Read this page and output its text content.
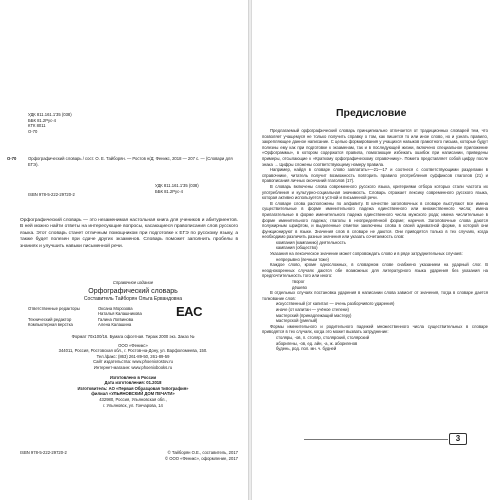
УДК 811.161.1'35 (038)
ББК 81.2Рус-4
КТК 8011
О-70
О-70	Орфографический словарь / сост. О. Е. Тайборян. — Ростов н/Д: Феникс, 2018 — 207 с. — (Словари для ЕГЭ).
УДК 811.161.1'35 (038)
ББК 81.2Рус-4
ISBN 978-5-222-29720-2
Орфографический словарь — это незаменимая настольная книга для учеников и абитуриентов. В ней можно найти ответы на интересующие вопросы, касающиеся правописания слов русского языка. Этот словарь станет отличным помощником при подготовке к ЕГЭ по русскому языку, а также будет полезен при сдаче других экзаменов. Словарь поможет заполнить пробелы в знаниях и улучшить навыки письменной речи.
Справочное издание
Орфографический словарь
Составитель Тайборян Ольга Ервандовна
Ответственные редакторы	Оксана Морозова
Наталья Калашникова
Технический редактор	Галина Логвинова
Компьютерная верстка	Алена Калашина
Формат 70х100/16. Бумага офсетная. Тираж 2000 экз. Заказ №
ООО «Феникс»
344011, Россия, Ростовская обл., г. Ростов-на-Дону, ул. Варфоломеева, 150.
Тел./факс: (863) 261-89-50, 261-89-59
Сайт издательства: www.phoenixrostov.ru
Интернет-магазин: www.phoenixbooks.ru
Изготовлено в России
Дата изготовления: 01.2018
Изготовитель: АО «Первая Образцовая типография»
филиал «УЛЬЯНОВСКИЙ ДОМ ПЕЧАТИ»
432980, Россия, Ульяновская обл.,
г. Ульяновск, ул. Гончарова, 14
EAC
ISBN 978-5-222-29720-2	© Тайборян О.Е., составитель, 2017
© ООО «Феникс», оформление, 2017
Предисловие
Предлагаемый орфографический словарь принципиально отличается от традиционных словарей тем, что позволяет учащемуся не только получить справку о том, как пишется то или иное слово, но и узнать правило, закрепляющее данное написание. С целью формирования у учащихся навыков грамотного письма, которые будут полезны ему как при подготовке к экзаменам, так и в последующей жизни, включено специальное приложение «Орфограммы», в котором содержатся правила, помогающие избежать ошибок при написании, приведены примеры, отсылающие к «Краткому орфографическому справочнику». Помета представляет собой цифру после знака → Цифры сложены соответствующему номеру правила.
Например, найдя в словаре слово заплатать»—21—17 и соотнеся с соответствующими разделами в справочнике, читатель получит возможность повторить правило употребления суффиксов глаголов (21) и правописания личных окончаний глаголов (17).
В словарь включены слова современного русского языка, критериями отбора которых стали частота их употребления и культурно-социальная значимость. Словарь отражает лексику современного русского языка, которая активно используется в устной и письменной речи.
В словаре слова расположены по алфавиту. В качестве заголовочных в словаре выступают все имена существительные в форме именительного падежа единственного или множественного числа; имена прилагательные в форме именительного падежа единственного числа мужского рода; имена числительные в форме именительного падежа; глаголы в неопределённой форме; наречия. Заголовочные слова даются полужирным шрифтом, и выделенные отметки заключены слова в своей адекватной форме, в которой они функционируют в языке. Значения слов в словаре не даются. Они приводятся только в тех случаях, когда необходимо различить разные значения или указать сочетаемость слов:
компания (кампанию) деятельность
кампания (общество)
Указания на лексическое значение может сопровождать слово и в ряде затруднительных случаев:
непрерывно (вечным тоже)
Каждое слово, кроме односложных, в словарном слове снабжено указанием на ударный слог. В неоднокоренных случаях даются обе возможных для литературного языка ударения без указания на предпочтительность того или иного:
творог
дёшево
В отдельных случаях постановка ударения в написании слова зависит от значения, тогда в словаре дается толкование слов:
искусственный (от капитал — очень разборчивого ударения)
иначе (от капитан — учёное степени)
мастерский (принадлежащий мастеру)
мастерской (умелый)
Формы именительного и родительного падежей множественного числа существительных в словаре приводятся в тех случаях, когда это может вызвать затруднение:
столяры, -ов, п. столяр, столярский, столярский
аборигены, -ов, ед. айн, -а, ж. аборигенов
будень, род. пол. мн. ч. будней
3
